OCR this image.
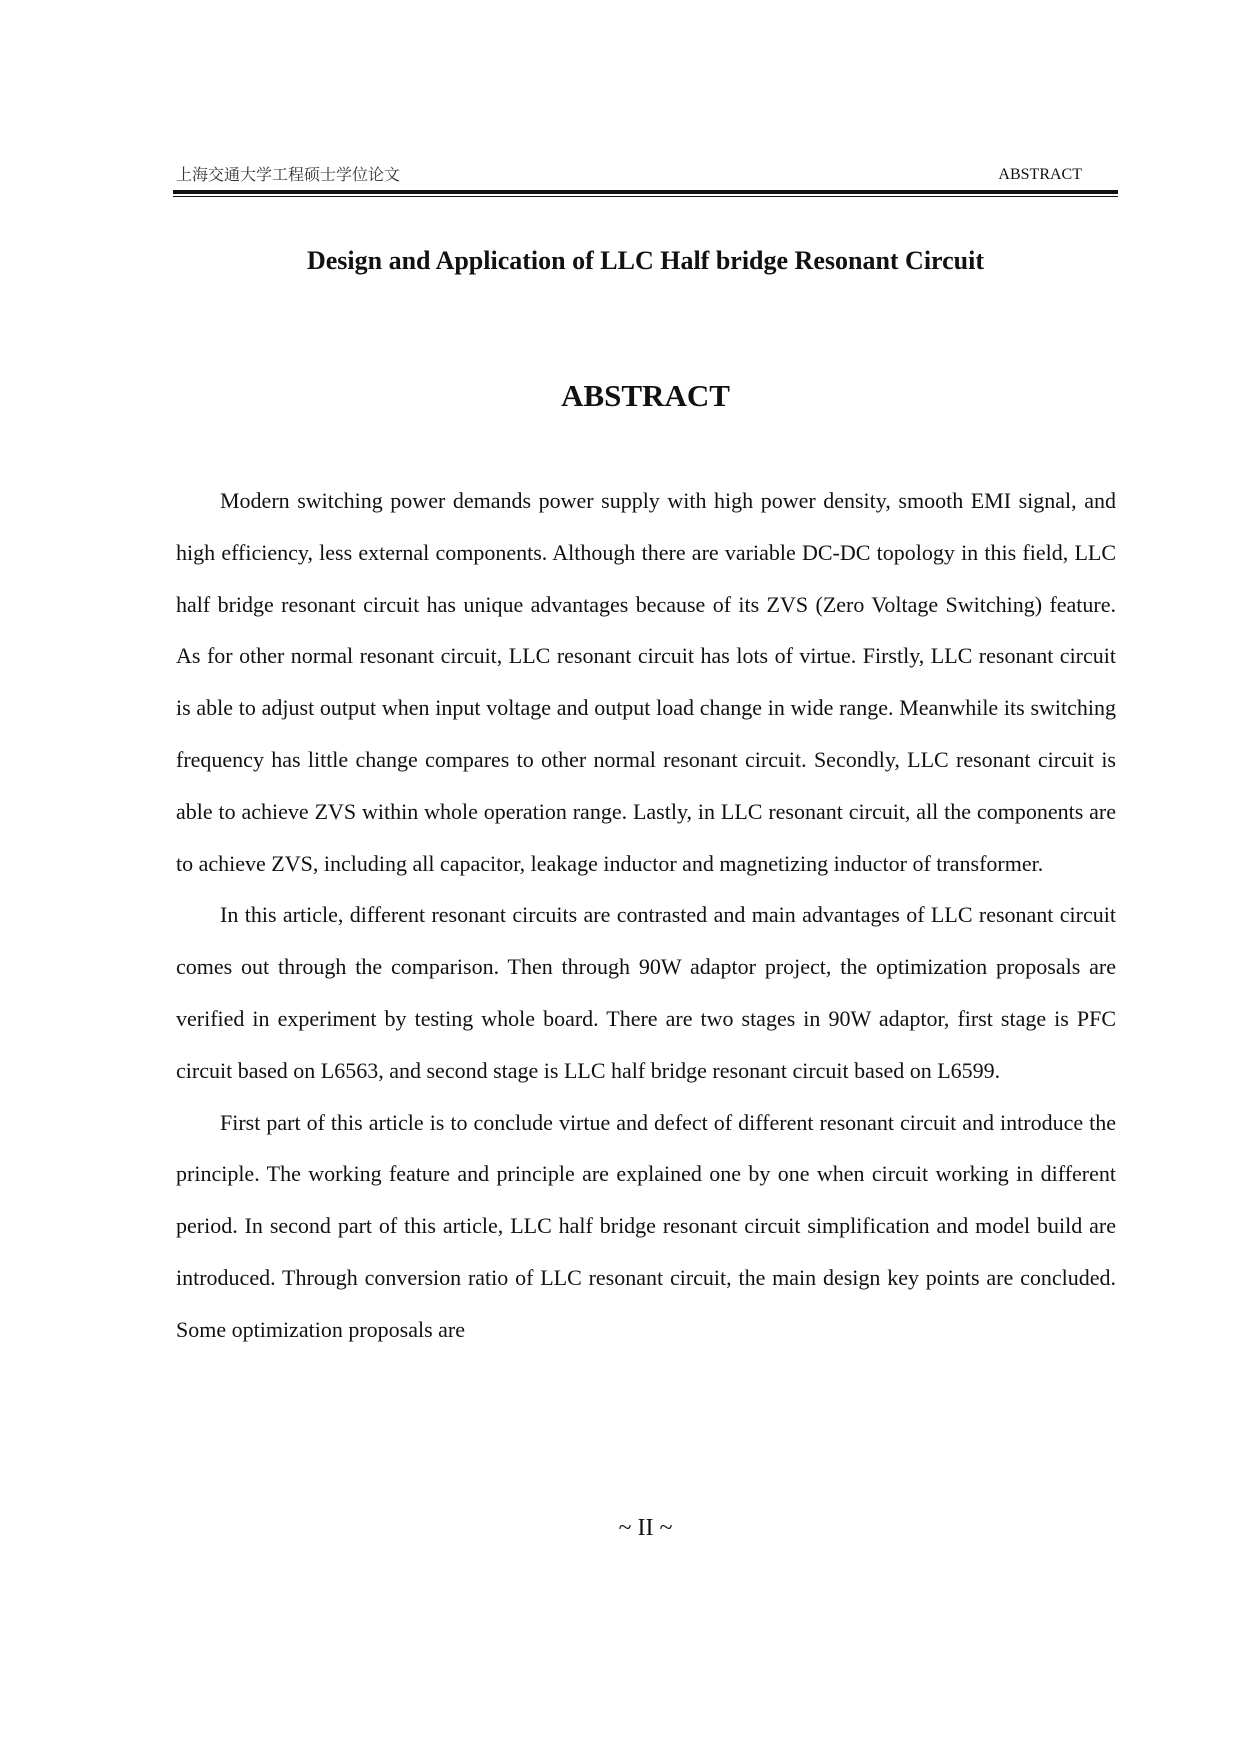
上海交通大学工程硕士学位论文	ABSTRACT
Design and Application of LLC Half bridge Resonant Circuit
ABSTRACT

Modern switching power demands power supply with high power density, smooth EMI signal, and high efficiency, less external components. Although there are variable DC-DC topology in this field, LLC half bridge resonant circuit has unique advantages because of its ZVS (Zero Voltage Switching) feature. As for other normal resonant circuit, LLC resonant circuit has lots of virtue. Firstly, LLC resonant circuit is able to adjust output when input voltage and output load change in wide range. Meanwhile its switching frequency has little change compares to other normal resonant circuit. Secondly, LLC resonant circuit is able to achieve ZVS within whole operation range. Lastly, in LLC resonant circuit, all the components are to achieve ZVS, including all capacitor, leakage inductor and magnetizing inductor of transformer.

In this article, different resonant circuits are contrasted and main advantages of LLC resonant circuit comes out through the comparison. Then through 90W adaptor project, the optimization proposals are verified in experiment by testing whole board. There are two stages in 90W adaptor, first stage is PFC circuit based on L6563, and second stage is LLC half bridge resonant circuit based on L6599.

First part of this article is to conclude virtue and defect of different resonant circuit and introduce the principle. The working feature and principle are explained one by one when circuit working in different period. In second part of this article, LLC half bridge resonant circuit simplification and model build are introduced. Through conversion ratio of LLC resonant circuit, the main design key points are concluded. Some optimization proposals are

~ II ~
